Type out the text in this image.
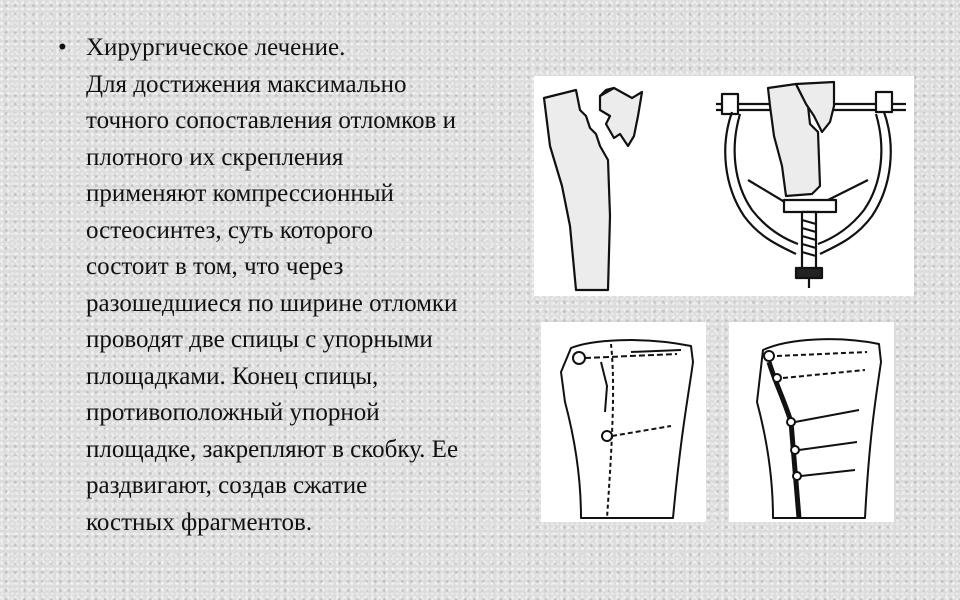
• Хирургическое лечение.
Для достижения максимально
точного сопоставления отломков и
плотного их скрепления
применяют компрессионный
остеосинтез, суть которого
состоит в том, что через
разошедшиеся по ширине отломки
проводят две спицы с упорными
площадками. Конец спицы,
противоположный упорной
площадке, закрепляют в скобку. Ее
раздвигают, создав сжатие
костных фрагментов.
